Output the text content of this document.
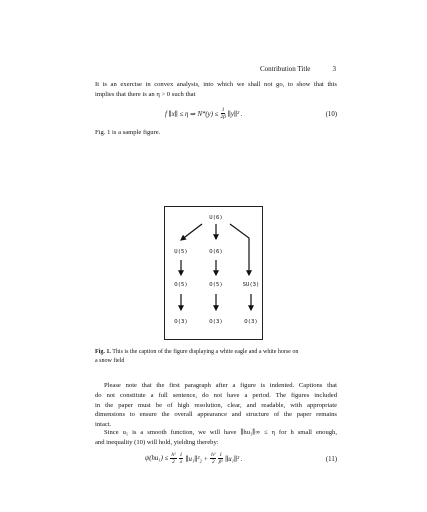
Contribution Title	3
It is an exercise in convex analysis, into which we shall not go, to show that this
implies that there is an η > 0 such that
f ∥x∥ ≤ η ⇒ $N*(y) \le \frac{1}{2\beta}$ ∥y∥² .	(10)
Fig. 1 is a sample figure.
U(6)
U(5)	O(6)
O(5)	O(5)	SU(3)
O(3)	O(3)	O(3)
Fig. 1. This is the caption of the figure displaying a white eagle and a white horse on
a snow field
Please note that the first paragraph after a figure is indented. Captions that
do not constitute a full sentence, do not have a period. The figures included
in the paper must be of high resolution, clear, and readable, with appropriate
dimensions to ensure the overall appearance and structure of the paper remains
intact.
Since u₁ is a smooth function, we will have ∥hu₁∥∞ ≤ η for h small enough,
and inequality (10) will hold, yielding thereby:
$\psi(hu_1) \le \frac{\text{h²}}{2} \frac{1}{\lambda}$ ∥u₁∥²₂ + $\frac{\text{h²}}{2} \frac{1}{\text{β²}}$ ∥u₁∥² .	(11)
